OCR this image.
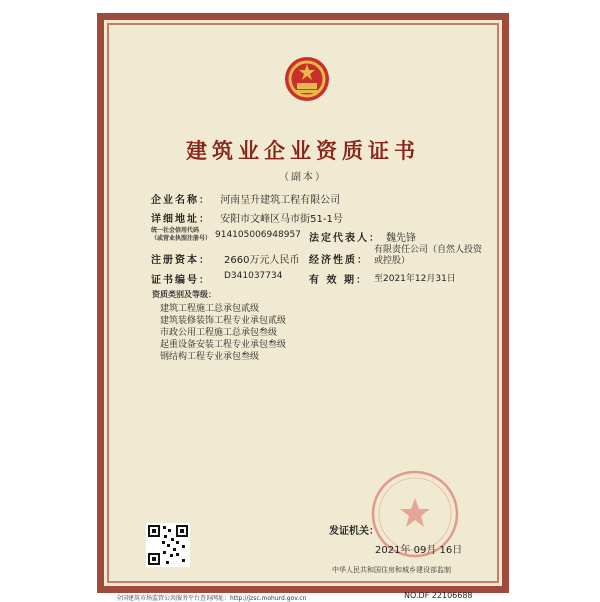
建筑业企业资质证书
（副本）
企业名称： 河南呈升建筑工程有限公司
详细地址： 安阳市文峰区马市街51-1号
统一社会信用代码
（或营业执照注册号） 914105006948957 法定代表人： 魏先锋
注册资本： 2660万元人民币 经济性质：
有限责任公司（自然人投资
或控股）
证书编号： D341037734	有 效 期： 至2021年12月31日
资质类别及等级：
建筑工程施工总承包贰级
建筑装修装饰工程专业承包贰级
市政公用工程施工总承包叁级
起重设备安装工程专业承包叁级
钢结构工程专业承包叁级
发证机关：
2021年 09月 16日
中华人民共和国住房和城乡建设部监制
全国建筑市场监管公共服务平台查询网址：http://jzsc.mohurd.gov.cn	NO.DF 22106688
